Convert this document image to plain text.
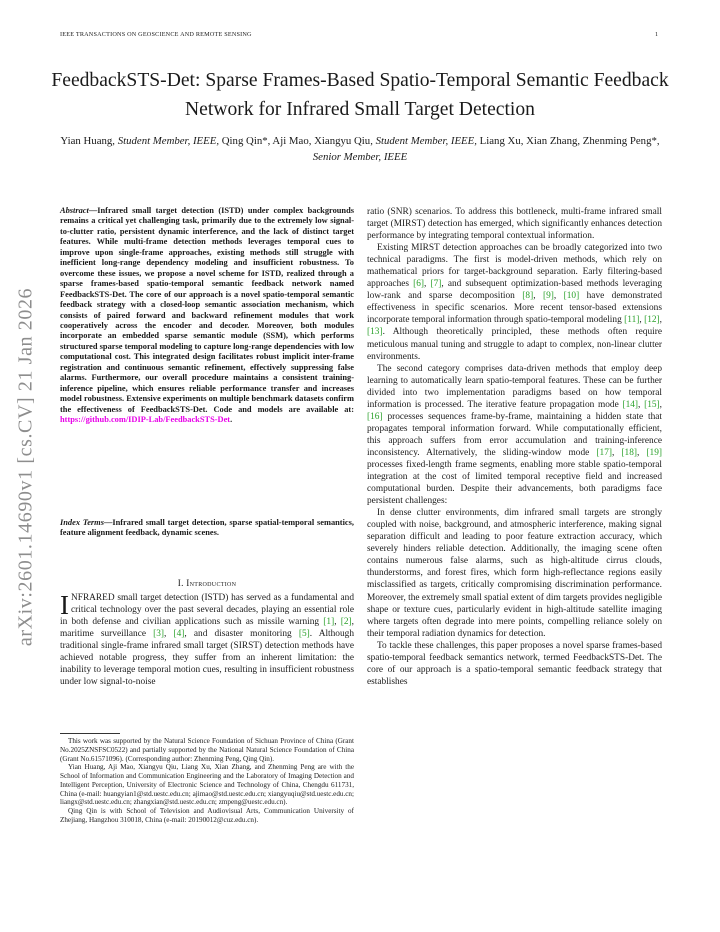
IEEE TRANSACTIONS ON GEOSCIENCE AND REMOTE SENSING	1
FeedbackSTS-Det: Sparse Frames-Based Spatio-Temporal Semantic Feedback Network for Infrared Small Target Detection
Yian Huang, Student Member, IEEE, Qing Qin*, Aji Mao, Xiangyu Qiu, Student Member, IEEE, Liang Xu, Xian Zhang, Zhenming Peng*, Senior Member, IEEE
arXiv:2601.14690v1 [cs.CV] 21 Jan 2026
Abstract—Infrared small target detection (ISTD) under complex backgrounds remains a critical yet challenging task, primarily due to the extremely low signal-to-clutter ratio, persistent dynamic interference, and the lack of distinct target features. While multi-frame detection methods leverages temporal cues to improve upon single-frame approaches, existing methods still struggle with inefficient long-range dependency modeling and insufficient robustness. To overcome these issues, we propose a novel scheme for ISTD, realized through a sparse frames-based spatio-temporal semantic feedback network named FeedbackSTS-Det. The core of our approach is a novel spatio-temporal semantic feedback strategy with a closed-loop semantic association mechanism, which consists of paired forward and backward refinement modules that work cooperatively across the encoder and decoder. Moreover, both modules incorporate an embedded sparse semantic module (SSM), which performs structured sparse temporal modeling to capture long-range dependencies with low computational cost. This integrated design facilitates robust implicit inter-frame registration and continuous semantic refinement, effectively suppressing false alarms. Furthermore, our overall procedure maintains a consistent training-inference pipeline, which ensures reliable performance transfer and increases model robustness. Extensive experiments on multiple benchmark datasets confirm the effectiveness of FeedbackSTS-Det. Code and models are available at: https://github.com/IDIP-Lab/FeedbackSTS-Det.
Index Terms—Infrared small target detection, sparse spatial-temporal semantics, feature alignment feedback, dynamic scenes.
I. Introduction
INFRARED small target detection (ISTD) has served as a fundamental and critical technology over the past several decades, playing an essential role in both defense and civilian applications such as missile warning [1], [2], maritime surveillance [3], [4], and disaster monitoring [5]. Although traditional single-frame infrared small target (SIRST) detection methods have achieved notable progress, they suffer from an inherent limitation: the inability to leverage temporal motion cues, resulting in insufficient robustness under low signal-to-noise

This work was supported by the Natural Science Foundation of Sichuan Province of China (Grant No.2025ZNSFSC0522) and partially supported by the National Natural Science Foundation of China (Grant No.61571096). (Corresponding author: Zhenming Peng, Qing Qin).

Yian Huang, Aji Mao, Xiangyu Qiu, Liang Xu, Xian Zhang, and Zhenming Peng are with the School of Information and Communication Engineering and the Laboratory of Imaging Detection and Intelligent Perception, University of Electronic Science and Technology of China, Chengdu 611731, China (e-mail: huangyian1@std.uestc.edu.cn; ajimao@std.uestc.edu.cn; xiangyuqiu@std.uestc.edu.cn; liangx@std.uestc.edu.cn; zhangxian@std.uestc.edu.cn; zmpeng@uestc.edu.cn).

Qing Qin is with School of Television and Audiovisual Arts, Communication University of Zhejiang, Hangzhou 310018, China (e-mail: 20190012@cuz.edu.cn).

ratio (SNR) scenarios. To address this bottleneck, multi-frame infrared small target (MIRST) detection has emerged, which significantly enhances detection performance by integrating temporal contextual information.

Existing MIRST detection approaches can be broadly categorized into two technical paradigms. The first is model-driven methods, which rely on mathematical priors for target-background separation. Early filtering-based approaches [6], [7], and subsequent optimization-based methods leveraging low-rank and sparse decomposition [8], [9], [10] have demonstrated effectiveness in specific scenarios. More recent tensor-based extensions incorporate temporal information through spatio-temporal modeling [11], [12], [13]. Although theoretically principled, these methods often require meticulous manual tuning and struggle to adapt to complex, non-linear clutter environments.

The second category comprises data-driven methods that employ deep learning to automatically learn spatio-temporal features. These can be further divided into two implementation paradigms based on how temporal information is processed. The iterative feature propagation mode [14], [15], [16] processes sequences frame-by-frame, maintaining a hidden state that propagates temporal information forward. While computationally efficient, this approach suffers from error accumulation and training-inference inconsistency. Alternatively, the sliding-window mode [17], [18], [19] processes fixed-length frame segments, enabling more stable spatio-temporal integration at the cost of limited temporal receptive field and increased computational burden. Despite their advancements, both paradigms face persistent challenges:

In dense clutter environments, dim infrared small targets are strongly coupled with noise, background, and atmospheric interference, making signal separation difficult and leading to poor feature extraction accuracy, which severely hinders reliable detection. Additionally, the imaging scene often contains numerous false alarms, such as high-altitude cirrus clouds, thunderstorms, and forest fires, which form high-reflectance regions easily misclassified as targets, critically compromising discrimination performance. Moreover, the extremely small spatial extent of dim targets provides negligible shape or texture cues, particularly evident in high-altitude satellite imaging where targets often degrade into mere points, compelling reliance solely on their temporal radiation dynamics for detection.

To tackle these challenges, this paper proposes a novel sparse frames-based spatio-temporal feedback semantics network, termed FeedbackSTS-Det. The core of our approach is a spatio-temporal semantic feedback strategy that establishes
